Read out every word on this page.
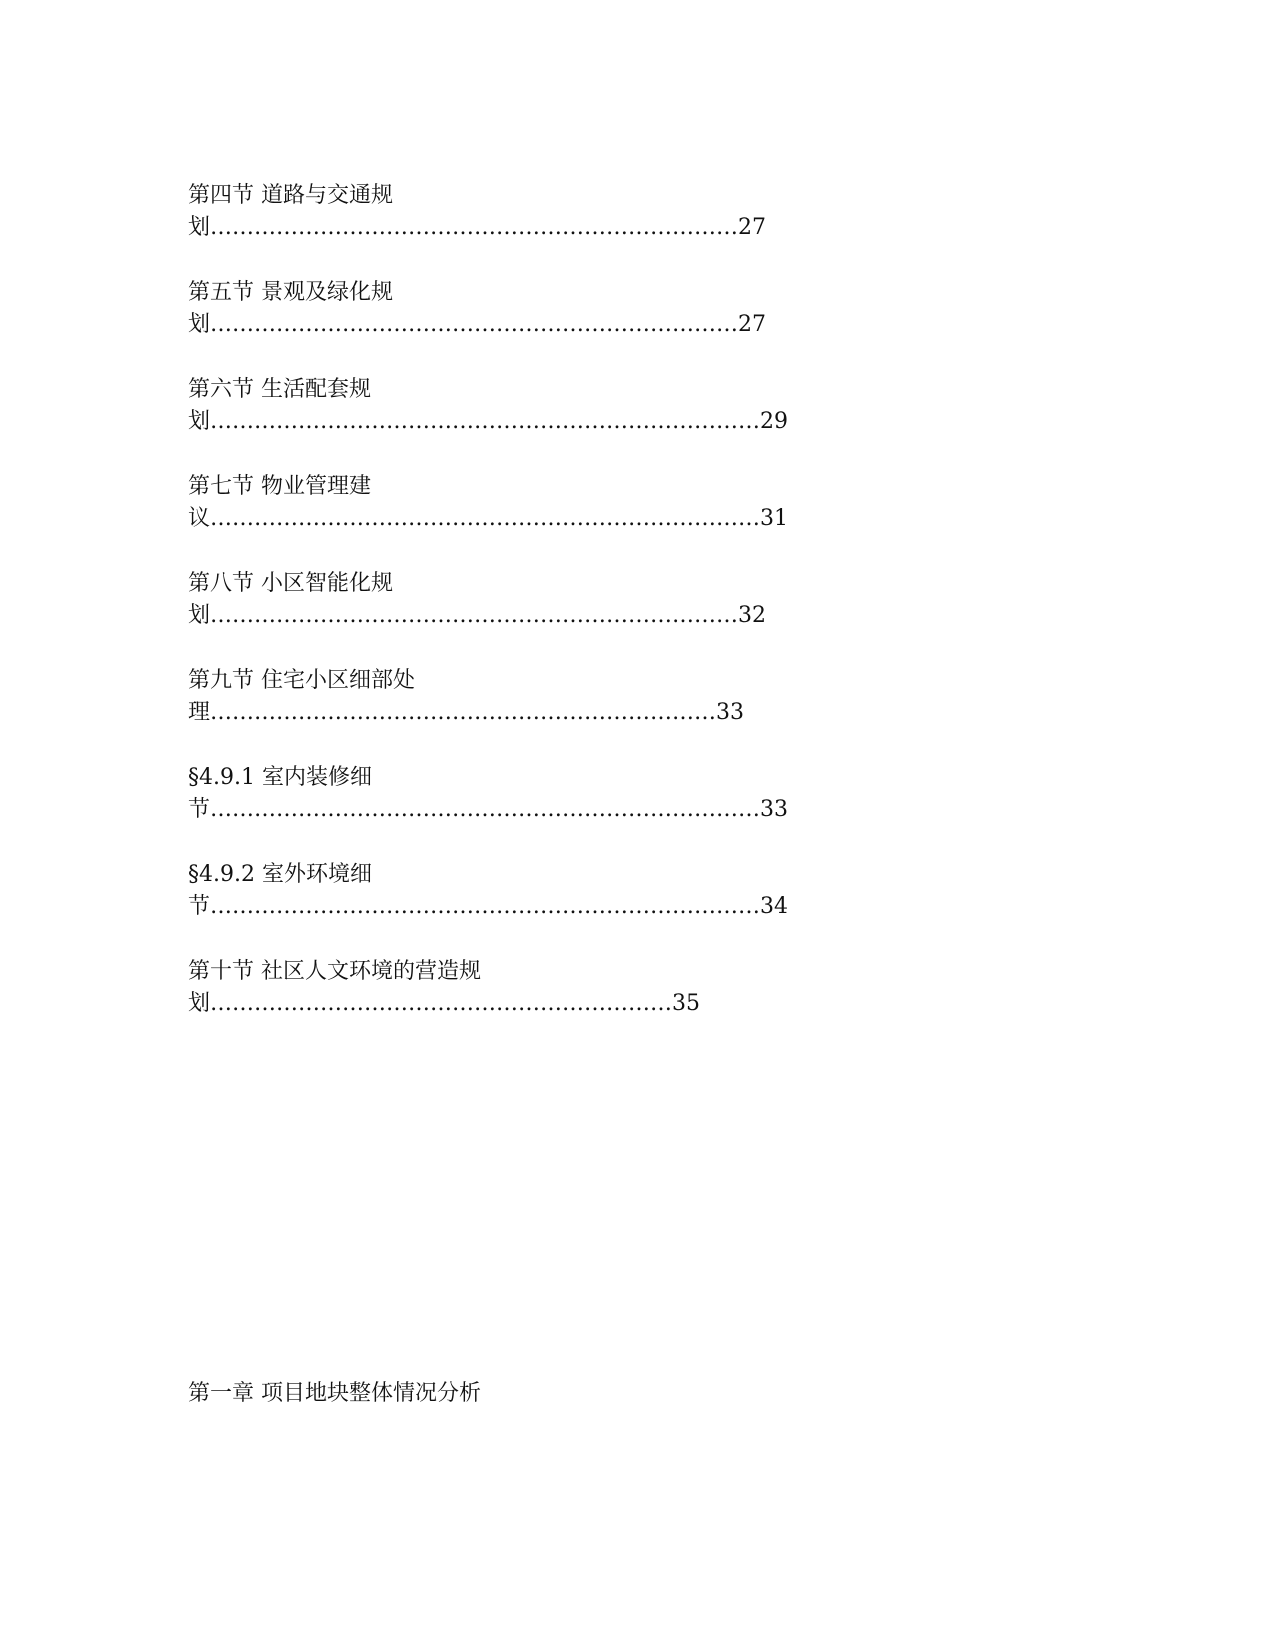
第四节 道路与交通规
划………………………………………………………………27
第五节 景观及绿化规
划………………………………………………………………27
第六节 生活配套规
划…………………………………………………………………29
第七节 物业管理建
议…………………………………………………………………31
第八节 小区智能化规
划………………………………………………………………32
第九节 住宅小区细部处
理……………………………………………………………33
§4.9.1 室内装修细
节…………………………………………………………………33
§4.9.2 室外环境细
节…………………………………………………………………34
第十节 社区人文环境的营造规
划………………………………………………………35
第一章 项目地块整体情况分析
